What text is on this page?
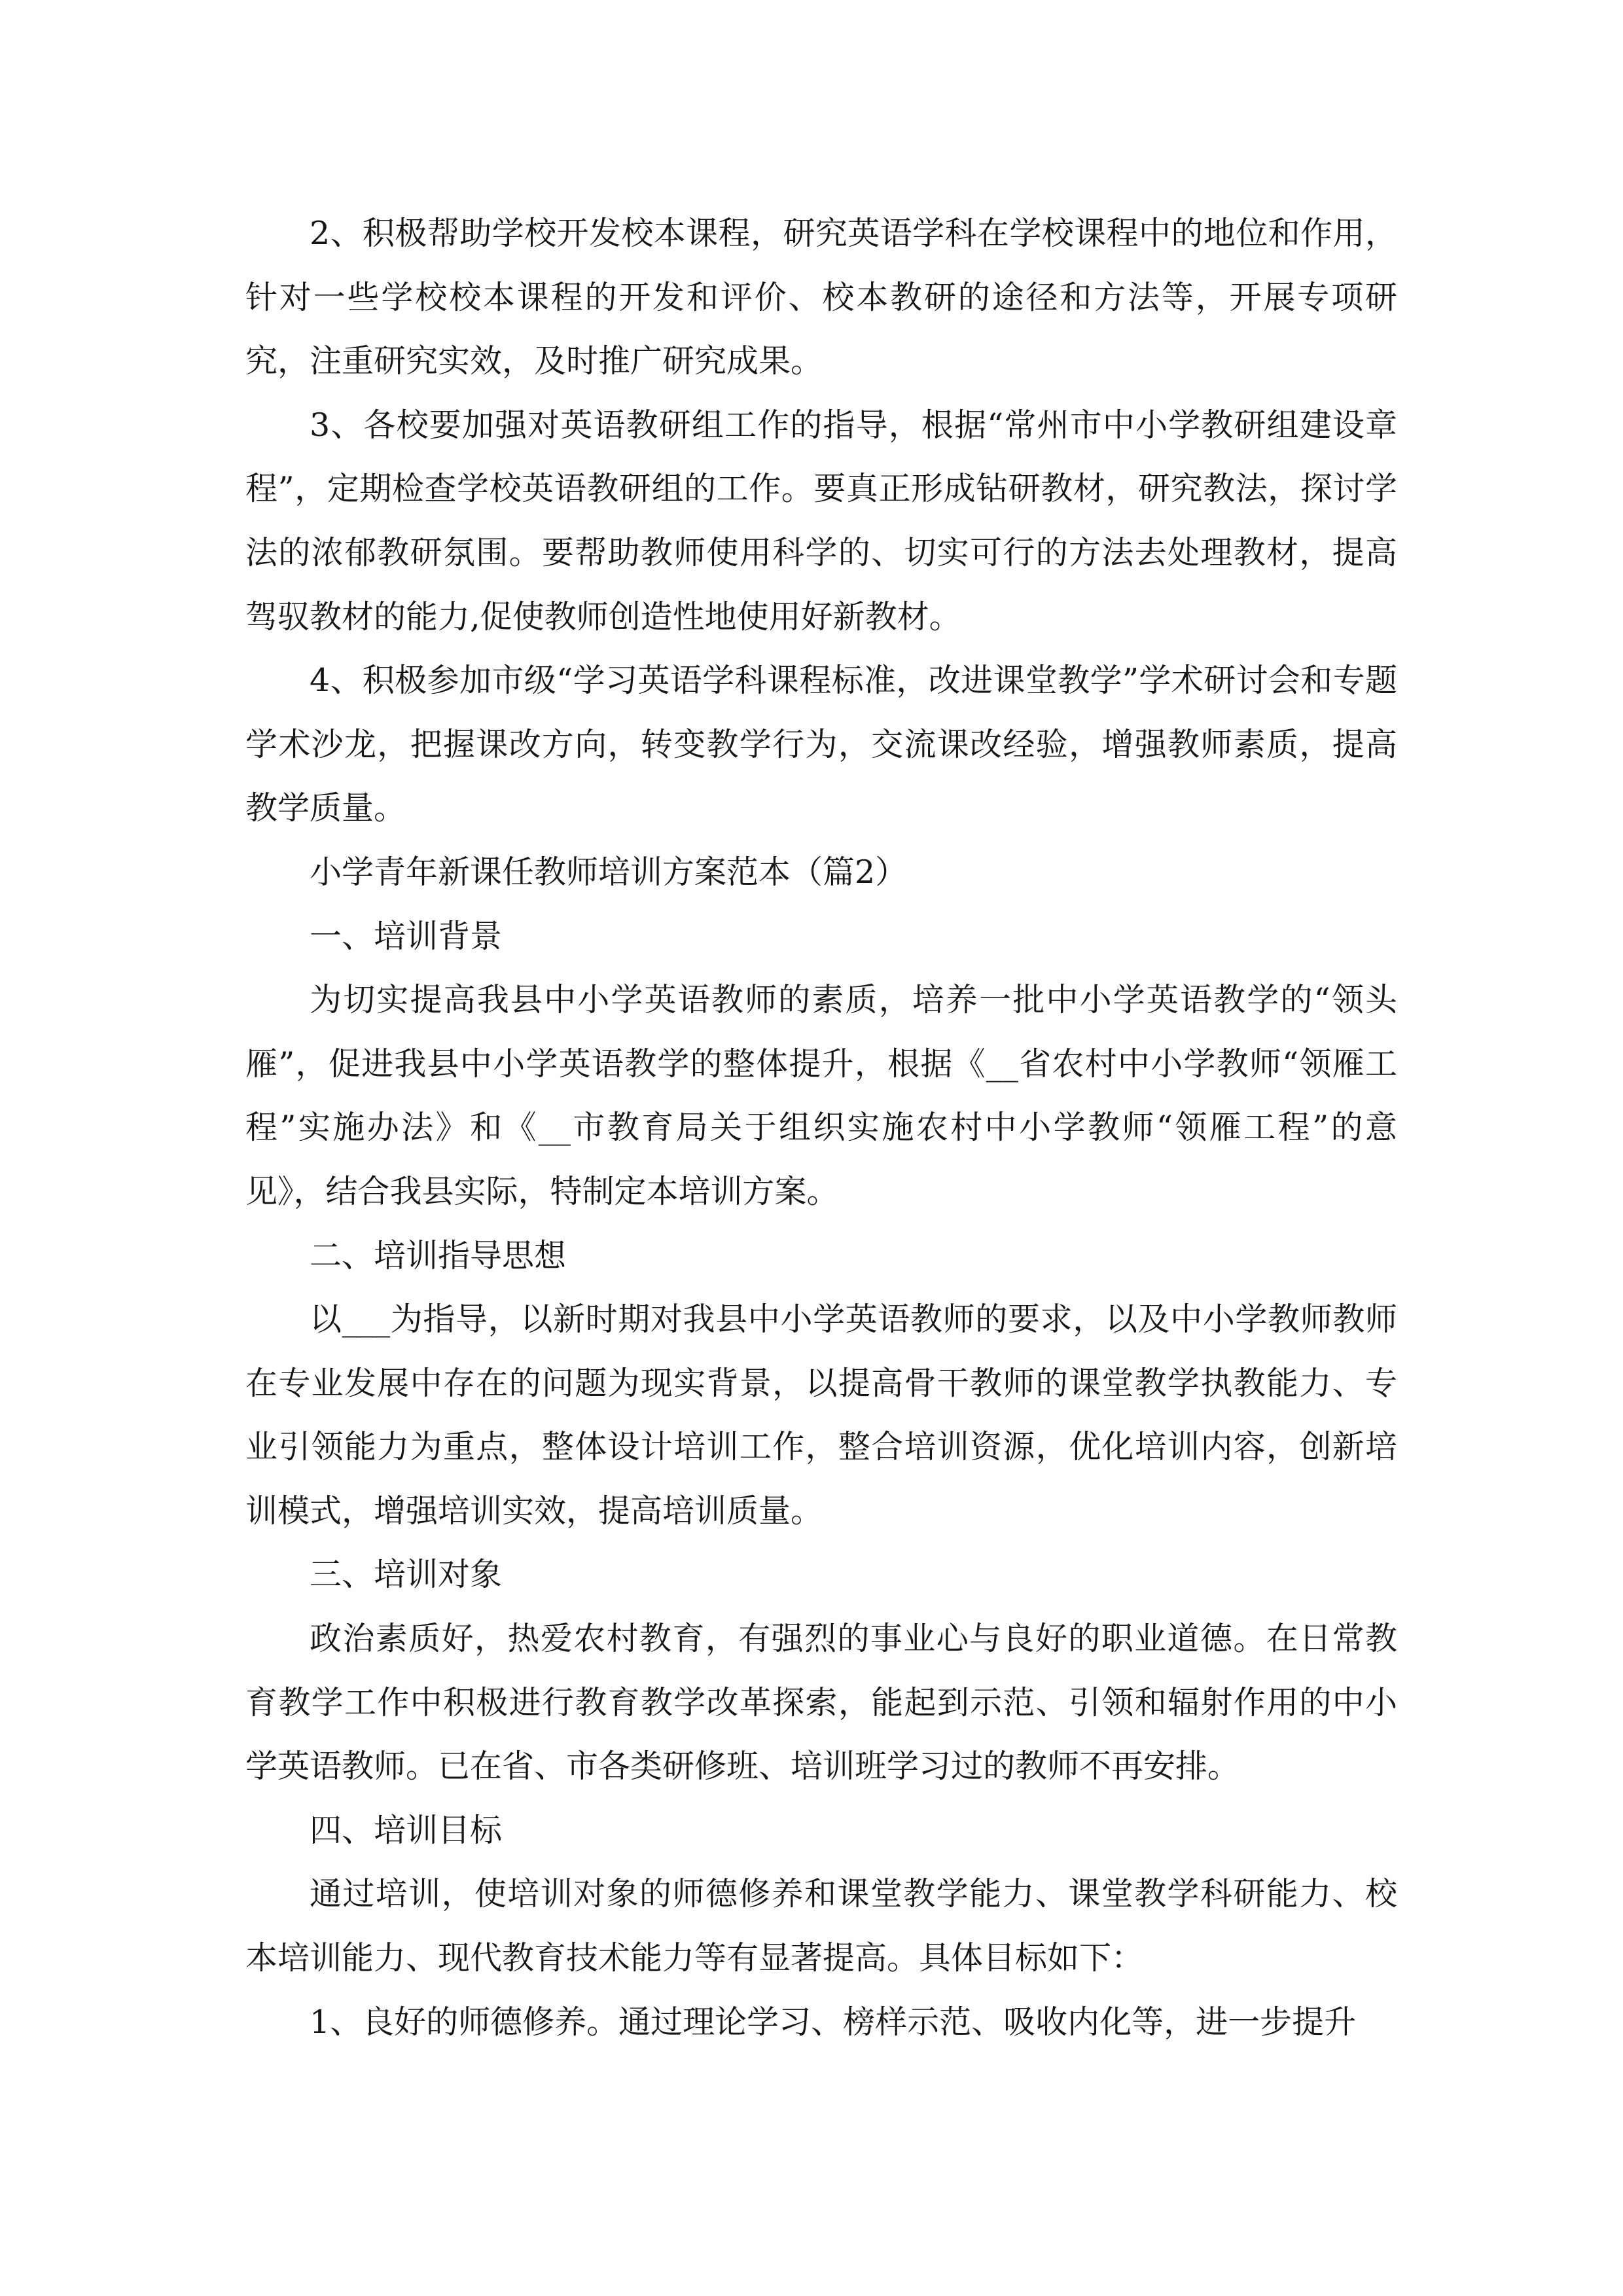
2、积极帮助学校开发校本课程，研究英语学科在学校课程中的地位和作用，针对一些学校校本课程的开发和评价、校本教研的途径和方法等，开展专项研究，注重研究实效，及时推广研究成果。

3、各校要加强对英语教研组工作的指导，根据“常州市中小学教研组建设章程”，定期检查学校英语教研组的工作。要真正形成钻研教材，研究教法，探讨学法的浓郁教研氛围。要帮助教师使用科学的、切实可行的方法去处理教材，提高驾驭教材的能力,促使教师创造性地使用好新教材。

4、积极参加市级“学习英语学科课程标准，改进课堂教学”学术研讨会和专题学术沙龙，把握课改方向，转变教学行为，交流课改经验，增强教师素质，提高教学质量。

小学青年新课任教师培训方案范本（篇2）

一、培训背景

为切实提高我县中小学英语教师的素质，培养一批中小学英语教学的“领头雁”，促进我县中小学英语教学的整体提升，根据《__省农村中小学教师“领雁工程”实施办法》和《__市教育局关于组织实施农村中小学教师“领雁工程”的意见》，结合我县实际，特制定本培训方案。

二、培训指导思想

以___为指导，以新时期对我县中小学英语教师的要求，以及中小学教师教师在专业发展中存在的问题为现实背景，以提高骨干教师的课堂教学执教能力、专业引领能力为重点，整体设计培训工作，整合培训资源，优化培训内容，创新培训模式，增强培训实效，提高培训质量。

三、培训对象

政治素质好，热爱农村教育，有强烈的事业心与良好的职业道德。在日常教育教学工作中积极进行教育教学改革探索，能起到示范、引领和辐射作用的中小学英语教师。已在省、市各类研修班、培训班学习过的教师不再安排。

四、培训目标

通过培训，使培训对象的师德修养和课堂教学能力、课堂教学科研能力、校本培训能力、现代教育技术能力等有显著提高。具体目标如下：

1、良好的师德修养。通过理论学习、榜样示范、吸收内化等，进一步提升
